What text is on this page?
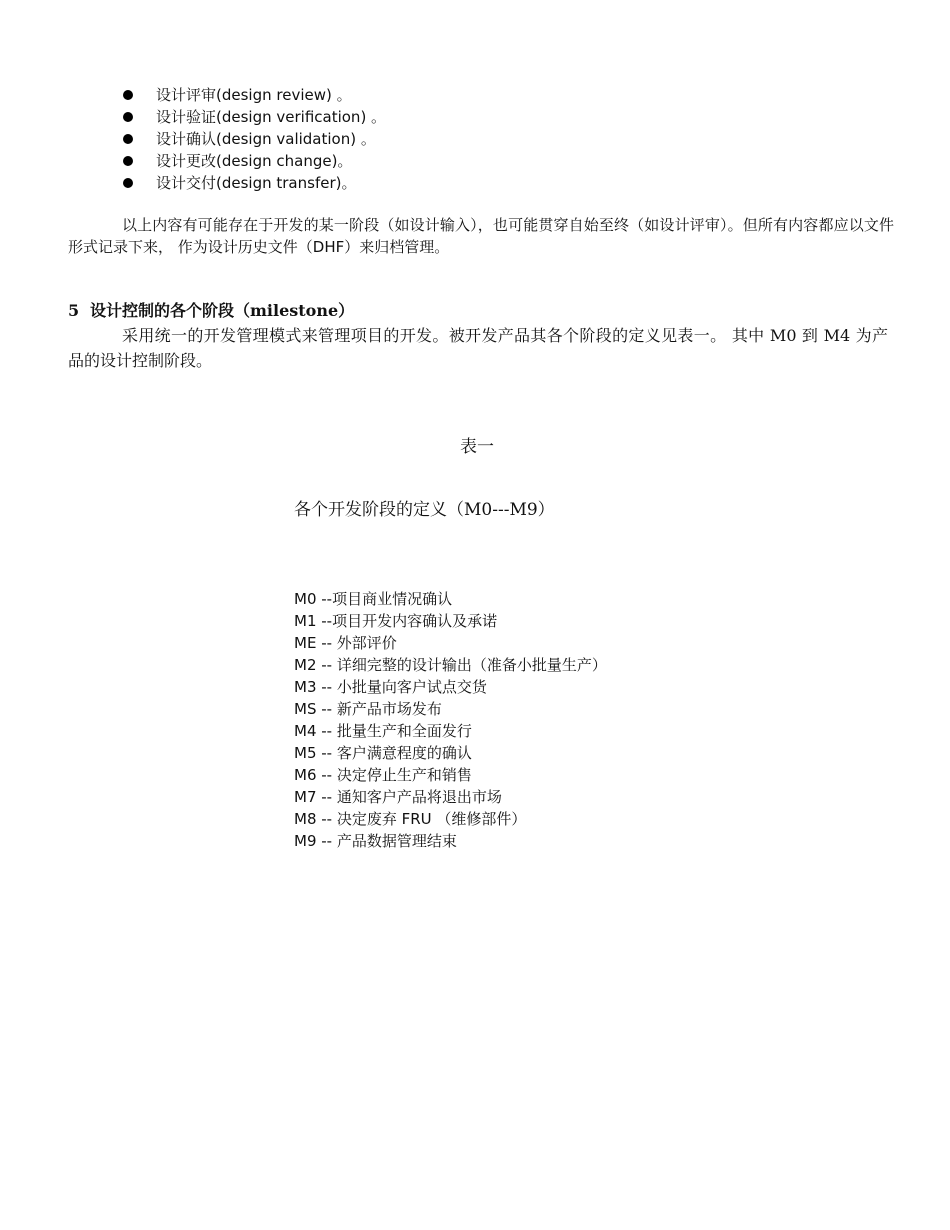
设计评审(design review) 。
设计验证(design verification) 。
设计确认(design validation) 。
设计更改(design change)。
设计交付(design transfer)。

以上内容有可能存在于开发的某一阶段（如设计输入），也可能贯穿自始至终（如设计评审）。但所有内容都应以文件形式记录下来， 作为设计历史文件（DHF）来归档管理。

5 设计控制的各个阶段（milestone）

采用统一的开发管理模式来管理项目的开发。被开发产品其各个阶段的定义见表一。 其中 M0 到 M4 为产品的设计控制阶段。

表一

各个开发阶段的定义（M0---M9）

M0 --项目商业情况确认
M1 --项目开发内容确认及承诺
ME -- 外部评价
M2 -- 详细完整的设计输出（准备小批量生产）
M3 -- 小批量向客户试点交货
MS -- 新产品市场发布
M4 -- 批量生产和全面发行
M5 -- 客户满意程度的确认
M6 -- 决定停止生产和销售
M7 -- 通知客户产品将退出市场
M8 -- 决定废弃 FRU （维修部件）
M9 -- 产品数据管理结束
